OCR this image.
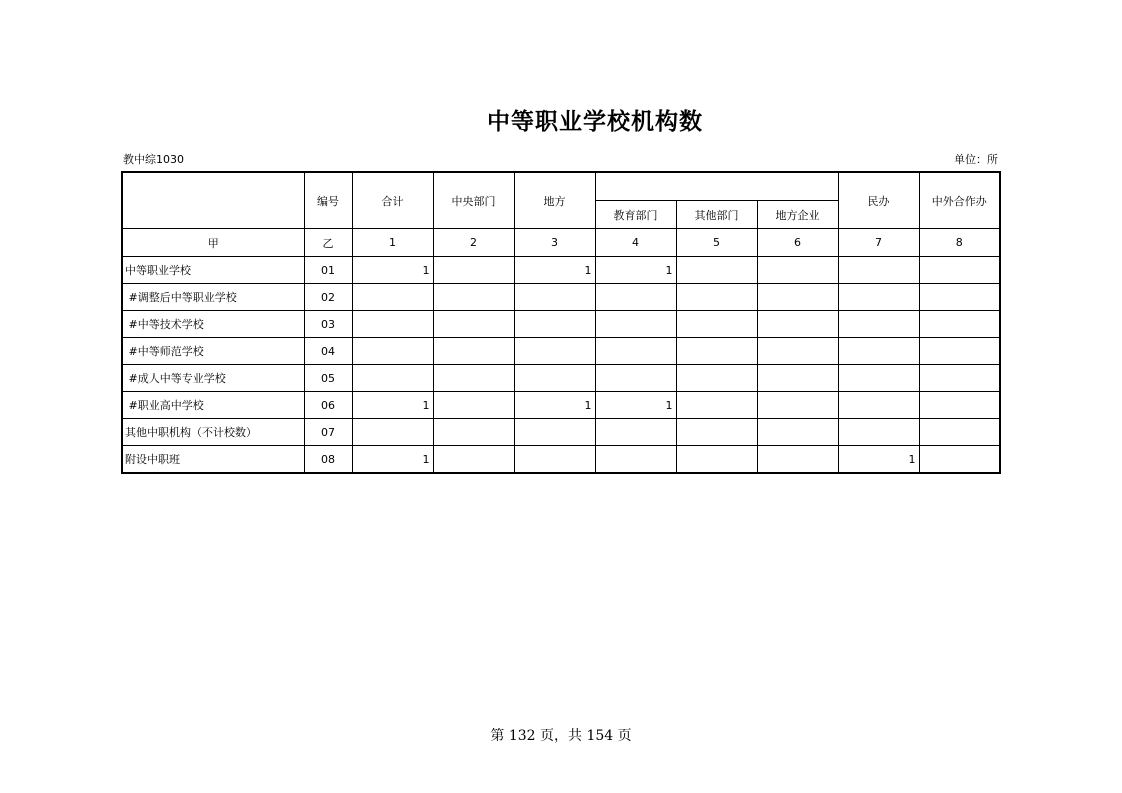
中等职业学校机构数
教中综1030	单位：所
	编号	合计	中央部门	地方				民办	中外合作办
					教育部门	其他部门	地方企业		
甲	乙	1	2	3	4	5	6	7	8
中等职业学校	01	1		1	1				
#调整后中等职业学校	02								
#中等技术学校	03								
#中等师范学校	04								
#成人中等专业学校	05								
#职业高中学校	06	1		1	1				
其他中职机构（不计校数）	07								
附设中职班	08	1						1	
第 132 页，共 154 页
